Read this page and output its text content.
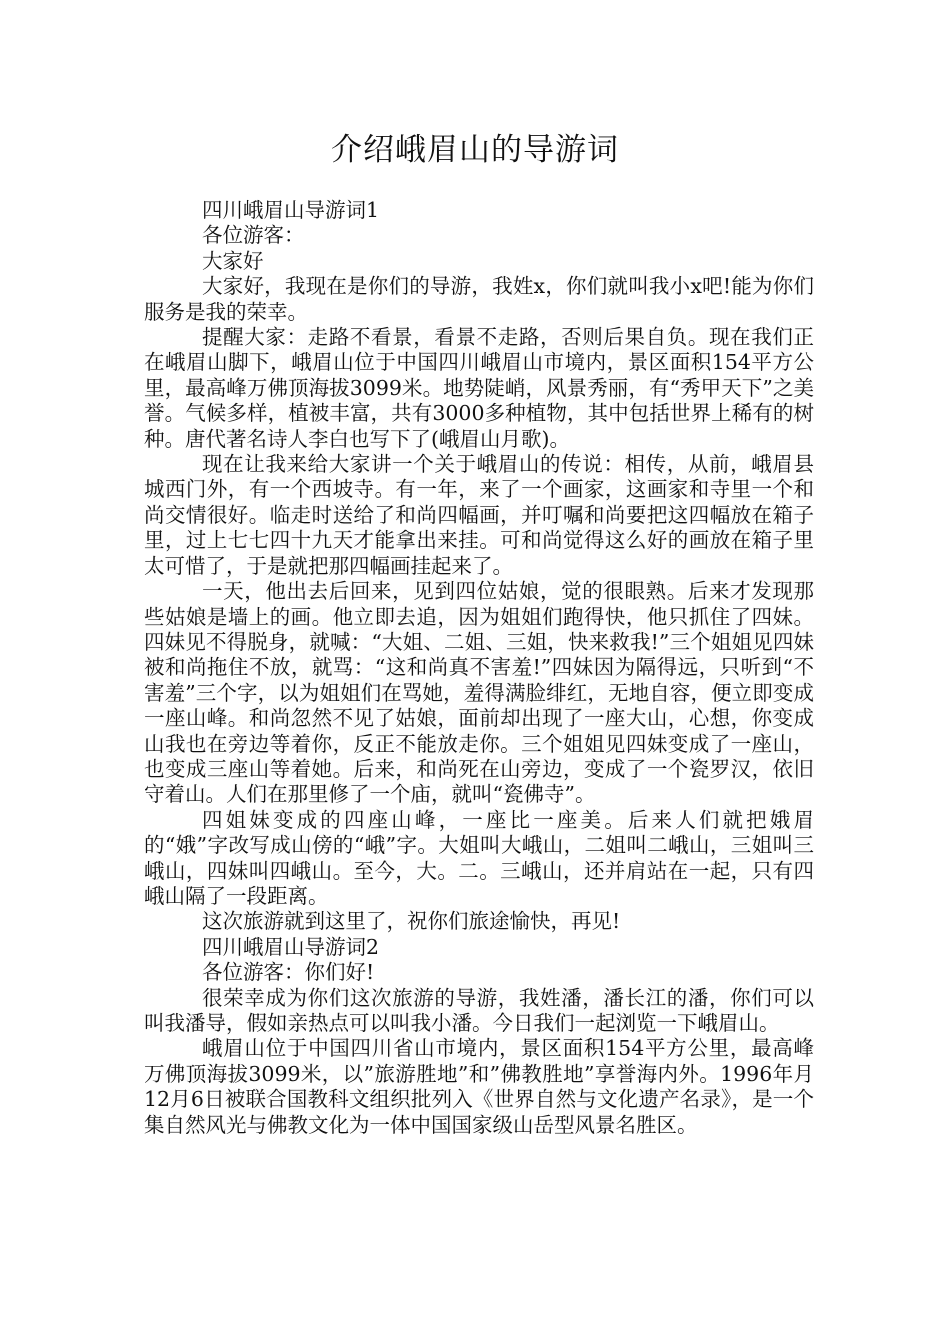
介绍峨眉山的导游词

四川峨眉山导游词1

各位游客：

大家好

大家好，我现在是你们的导游，我姓x，你们就叫我小x吧!能为你们服务是我的荣幸。

提醒大家：走路不看景，看景不走路，否则后果自负。现在我们正在峨眉山脚下，峨眉山位于中国四川峨眉山市境内，景区面积154平方公里，最高峰万佛顶海拔3099米。地势陡峭，风景秀丽，有“秀甲天下”之美誉。气候多样，植被丰富，共有3000多种植物，其中包括世界上稀有的树种。唐代著名诗人李白也写下了(峨眉山月歌)。

现在让我来给大家讲一个关于峨眉山的传说：相传，从前，峨眉县城西门外，有一个西坡寺。有一年，来了一个画家，这画家和寺里一个和尚交情很好。临走时送给了和尚四幅画，并叮嘱和尚要把这四幅放在箱子里，过上七七四十九天才能拿出来挂。可和尚觉得这么好的画放在箱子里太可惜了，于是就把那四幅画挂起来了。

一天，他出去后回来，见到四位姑娘，觉的很眼熟。后来才发现那些姑娘是墙上的画。他立即去追，因为姐姐们跑得快，他只抓住了四妹。四妹见不得脱身，就喊：“大姐、二姐、三姐，快来救我!”三个姐姐见四妹被和尚拖住不放，就骂：“这和尚真不害羞!”四妹因为隔得远，只听到“不害羞”三个字，以为姐姐们在骂她，羞得满脸绯红，无地自容，便立即变成一座山峰。和尚忽然不见了姑娘，面前却出现了一座大山，心想，你变成山我也在旁边等着你，反正不能放走你。三个姐姐见四妹变成了一座山，也变成三座山等着她。后来，和尚死在山旁边，变成了一个瓷罗汉，依旧守着山。人们在那里修了一个庙，就叫“瓷佛寺”。

四姐妹变成的四座山峰，一座比一座美。后来人们就把娥眉的“娥”字改写成山傍的“峨”字。大姐叫大峨山，二姐叫二峨山，三姐叫三峨山，四妹叫四峨山。至今，大。二。三峨山，还并肩站在一起，只有四峨山隔了一段距离。

这次旅游就到这里了，祝你们旅途愉快，再见!

四川峨眉山导游词2

各位游客：你们好!

很荣幸成为你们这次旅游的导游，我姓潘，潘长江的潘，你们可以叫我潘导，假如亲热点可以叫我小潘。今日我们一起浏览一下峨眉山。

峨眉山位于中国四川省山市境内，景区面积154平方公里，最高峰万佛顶海拔3099米，以”旅游胜地”和”佛教胜地”享誉海内外。1996年月12月6日被联合国教科文组织批列入《世界自然与文化遗产名录》，是一个集自然风光与佛教文化为一体中国国家级山岳型风景名胜区。
